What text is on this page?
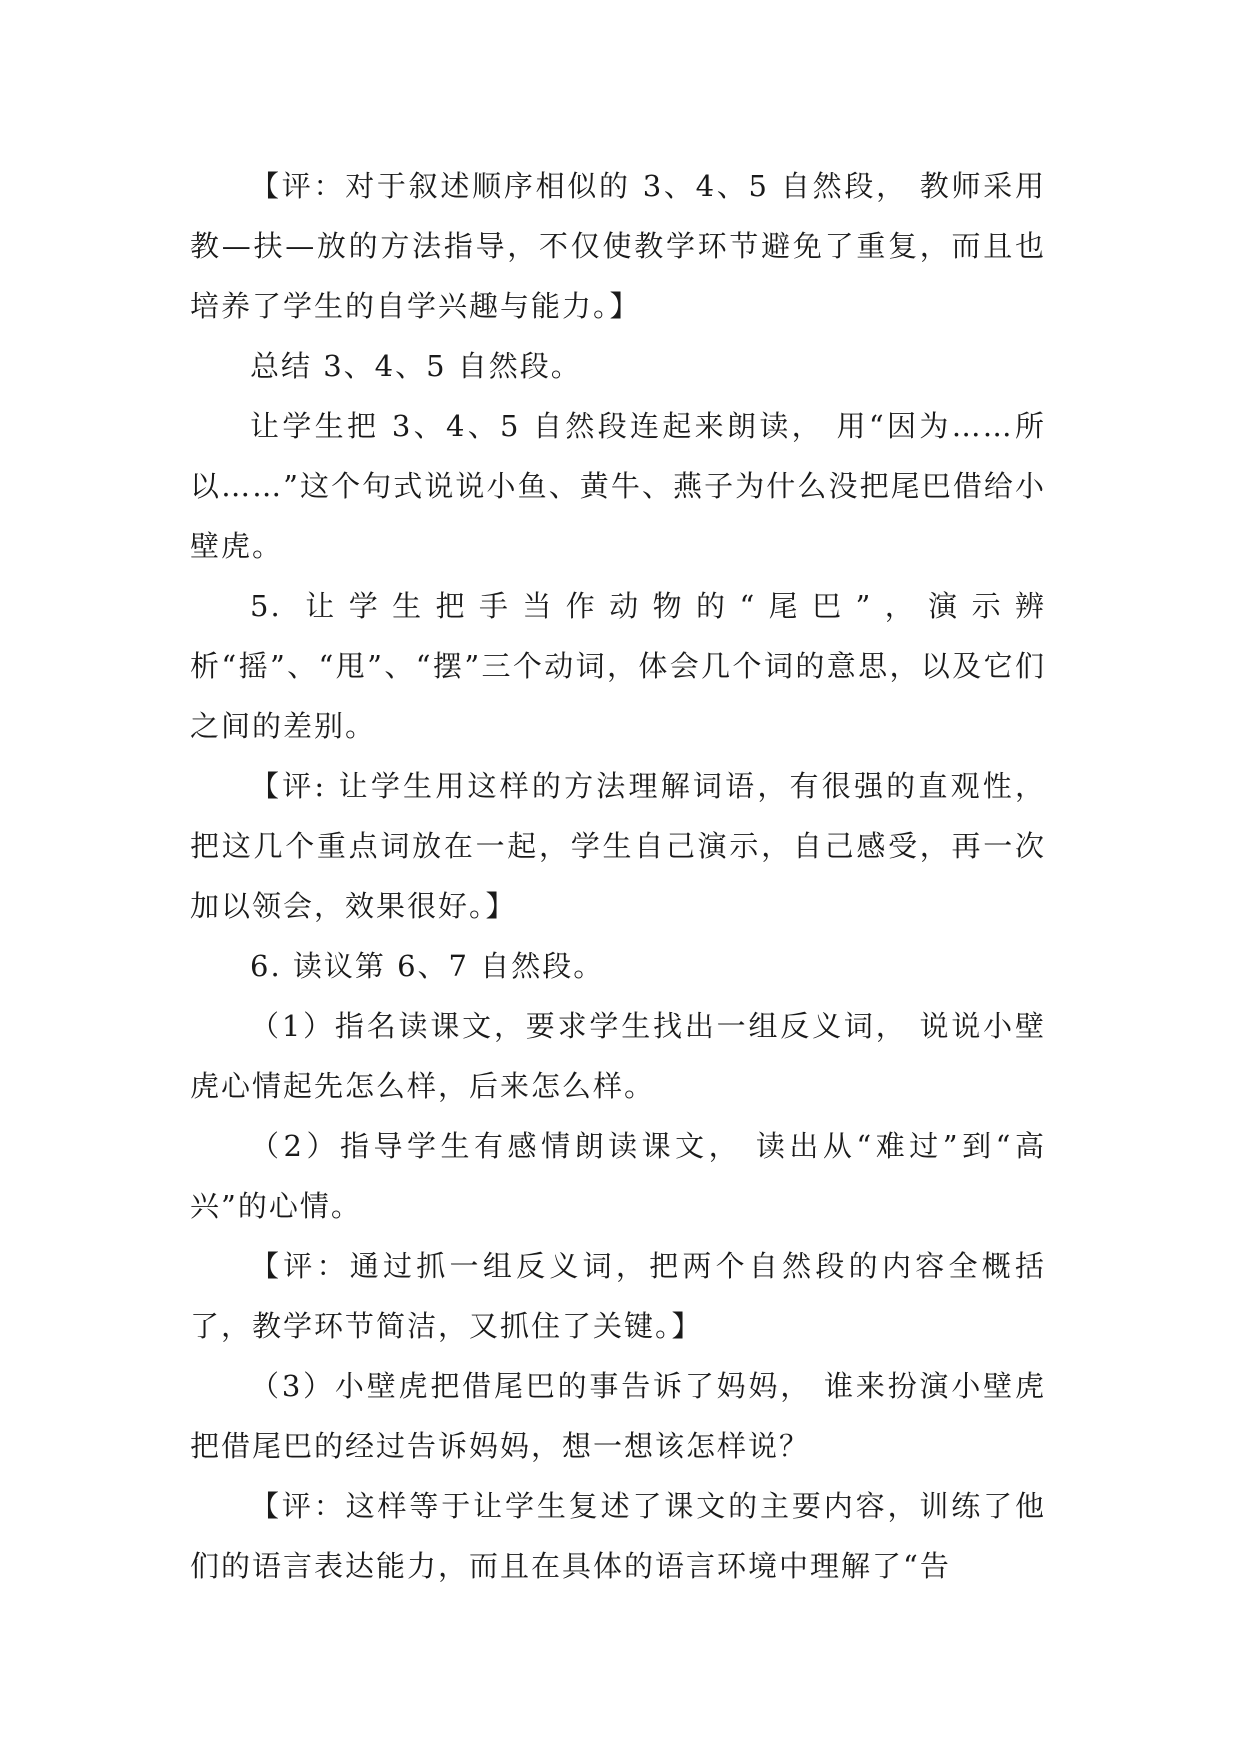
【评：对于叙述顺序相似的 3、4、5 自然段， 教师采用教—扶—放的方法指导，不仅使教学环节避免了重复，而且也培养了学生的自学兴趣与能力。】

总结 3、4、5 自然段。

让学生把 3、4、5 自然段连起来朗读， 用“因为……所以……”这个句式说说小鱼、黄牛、燕子为什么没把尾巴借给小壁虎。

5. 让学生把手当作动物的“尾巴”，演示辨析“摇”、“甩”、“摆”三个动词，体会几个词的意思，以及它们之间的差别。

【评: 让学生用这样的方法理解词语，有很强的直观性，把这几个重点词放在一起，学生自己演示，自己感受，再一次加以领会，效果很好。】

6. 读议第 6、7 自然段。

（1）指名读课文，要求学生找出一组反义词， 说说小壁虎心情起先怎么样，后来怎么样。

（2）指导学生有感情朗读课文， 读出从“难过”到“高兴”的心情。

【评：通过抓一组反义词，把两个自然段的内容全概括了，教学环节简洁，又抓住了关键。】

（3）小壁虎把借尾巴的事告诉了妈妈， 谁来扮演小壁虎把借尾巴的经过告诉妈妈，想一想该怎样说？

【评：这样等于让学生复述了课文的主要内容，训练了他们的语言表达能力，而且在具体的语言环境中理解了“告
